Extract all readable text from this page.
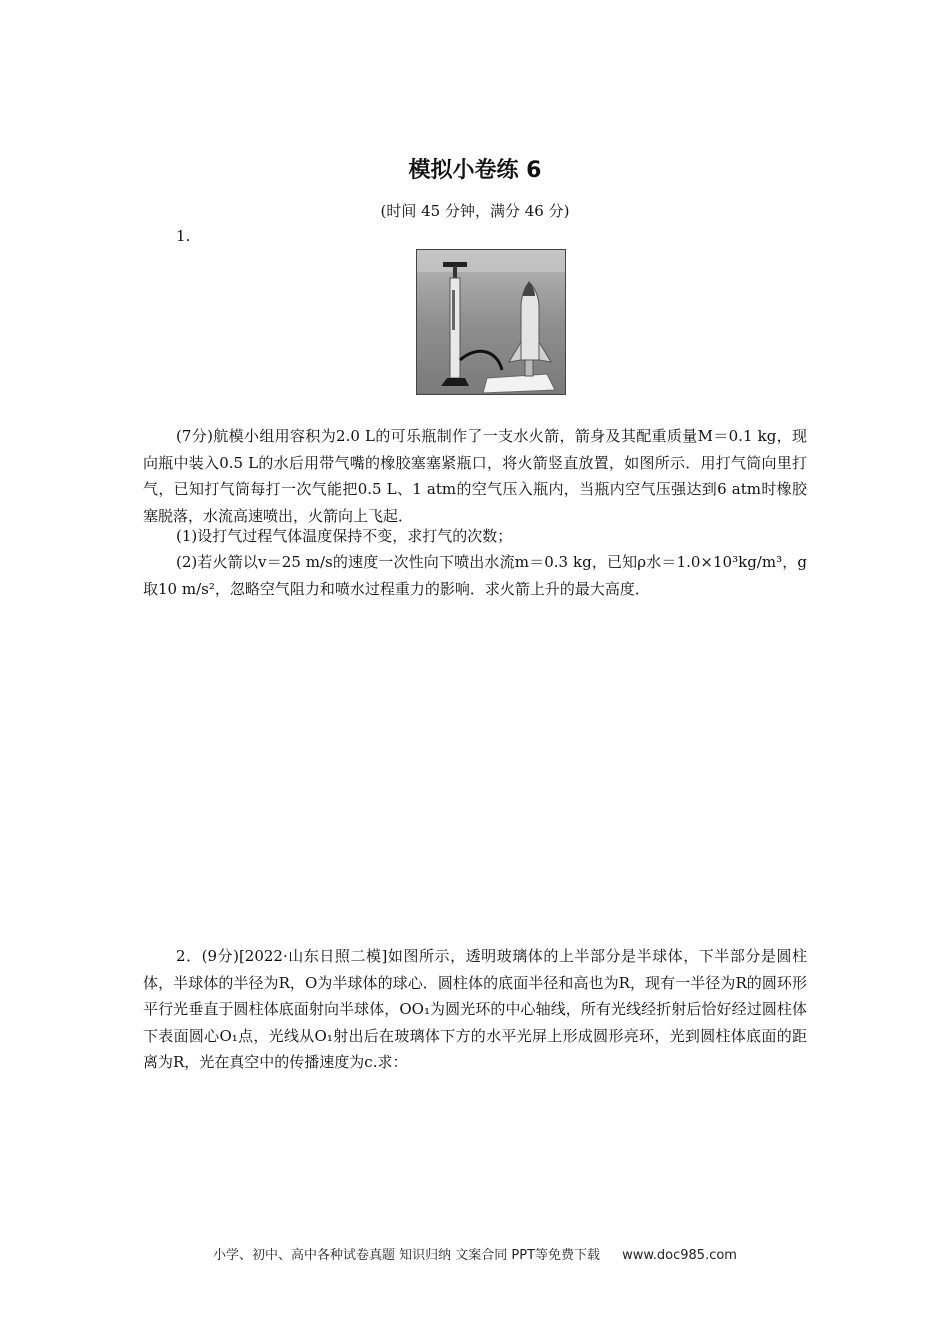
模拟小卷练 6
(时间 45 分钟，满分 46 分)
1.

(7分)航模小组用容积为2.0 L的可乐瓶制作了一支水火箭，箭身及其配重质量M＝0.1 kg，现向瓶中装入0.5 L的水后用带气嘴的橡胶塞塞紧瓶口，将火箭竖直放置，如图所示．用打气筒向里打气，已知打气筒每打一次气能把0.5 L、1 atm的空气压入瓶内，当瓶内空气压强达到6 atm时橡胶塞脱落，水流高速喷出，火箭向上飞起．

(1)设打气过程气体温度保持不变，求打气的次数；

(2)若火箭以v＝25 m/s的速度一次性向下喷出水流m＝0.3 kg，已知ρ水＝1.0×10³kg/m³，g取10 m/s²，忽略空气阻力和喷水过程重力的影响．求火箭上升的最大高度．

2．(9分)[2022·山东日照二模]如图所示，透明玻璃体的上半部分是半球体，下半部分是圆柱体，半球体的半径为R，O为半球体的球心．圆柱体的底面半径和高也为R，现有一半径为R的圆环形平行光垂直于圆柱体底面射向半球体，OO₁为圆光环的中心轴线，所有光线经折射后恰好经过圆柱体下表面圆心O₁点，光线从O₁射出后在玻璃体下方的水平光屏上形成圆形亮环，光到圆柱体底面的距离为R，光在真空中的传播速度为c.求：

小学、初中、高中各种试卷真题 知识归纳 文案合同 PPT等免费下载 www.doc985.com
